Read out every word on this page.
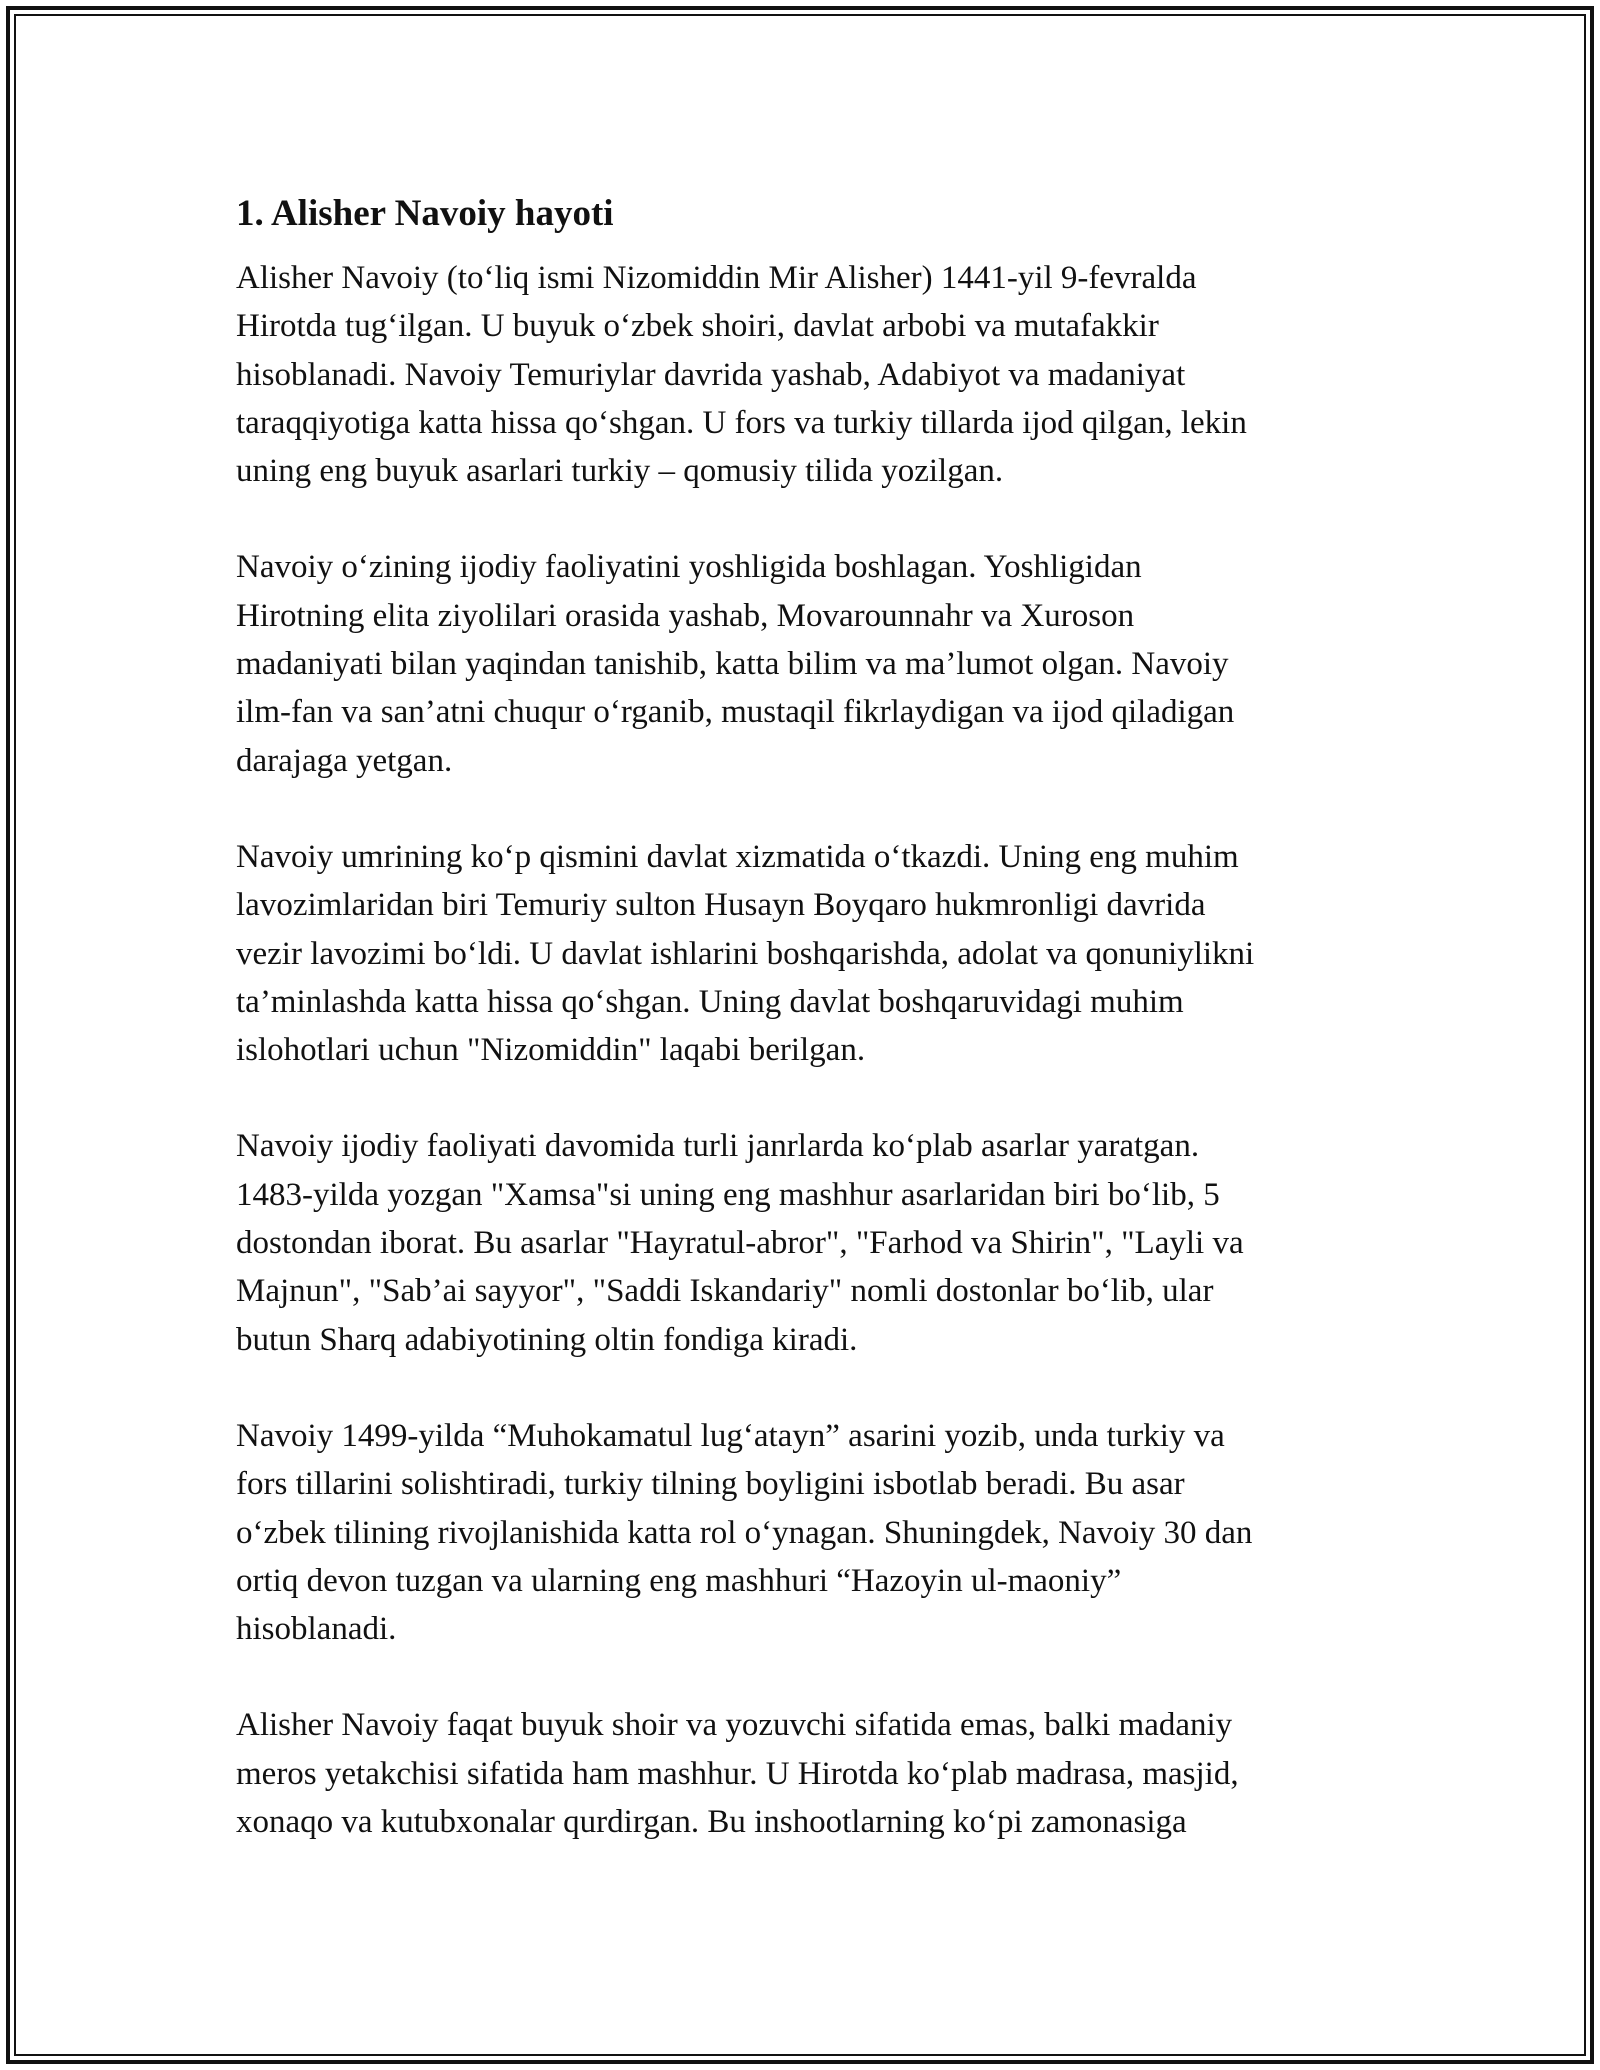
1. Alisher Navoiy hayoti

Alisher Navoiy (to‘liq ismi Nizomiddin Mir Alisher) 1441-yil 9-fevralda
Hirotda tug‘ilgan. U buyuk o‘zbek shoiri, davlat arbobi va mutafakkir
hisoblanadi. Navoiy Temuriylar davrida yashab, Adabiyot va madaniyat
taraqqiyotiga katta hissa qo‘shgan. U fors va turkiy tillarda ijod qilgan, lekin
uning eng buyuk asarlari turkiy – qomusiy tilida yozilgan.

Navoiy o‘zining ijodiy faoliyatini yoshligida boshlagan. Yoshligidan
Hirotning elita ziyolilari orasida yashab, Movarounnahr va Xuroson
madaniyati bilan yaqindan tanishib, katta bilim va ma’lumot olgan. Navoiy
ilm-fan va san’atni chuqur o‘rganib, mustaqil fikrlaydigan va ijod qiladigan
darajaga yetgan.

Navoiy umrining ko‘p qismini davlat xizmatida o‘tkazdi. Uning eng muhim
lavozimlaridan biri Temuriy sulton Husayn Boyqaro hukmronligi davrida
vezir lavozimi bo‘ldi. U davlat ishlarini boshqarishda, adolat va qonuniylikni
ta’minlashda katta hissa qo‘shgan. Uning davlat boshqaruvidagi muhim
islohotlari uchun "Nizomiddin" laqabi berilgan.

Navoiy ijodiy faoliyati davomida turli janrlarda ko‘plab asarlar yaratgan.
1483-yilda yozgan "Xamsa"si uning eng mashhur asarlaridan biri bo‘lib, 5
dostondan iborat. Bu asarlar "Hayratul-abror", "Farhod va Shirin", "Layli va
Majnun", "Sab’ai sayyor", "Saddi Iskandariy" nomli dostonlar bo‘lib, ular
butun Sharq adabiyotining oltin fondiga kiradi.

Navoiy 1499-yilda “Muhokamatul lug‘atayn” asarini yozib, unda turkiy va
fors tillarini solishtiradi, turkiy tilning boyligini isbotlab beradi. Bu asar
o‘zbek tilining rivojlanishida katta rol o‘ynagan. Shuningdek, Navoiy 30 dan
ortiq devon tuzgan va ularning eng mashhuri “Hazoyin ul-maoniy”
hisoblanadi.

Alisher Navoiy faqat buyuk shoir va yozuvchi sifatida emas, balki madaniy
meros yetakchisi sifatida ham mashhur. U Hirotda ko‘plab madrasa, masjid,
xonaqo va kutubxonalar qurdirgan. Bu inshootlarning ko‘pi zamonasiga
